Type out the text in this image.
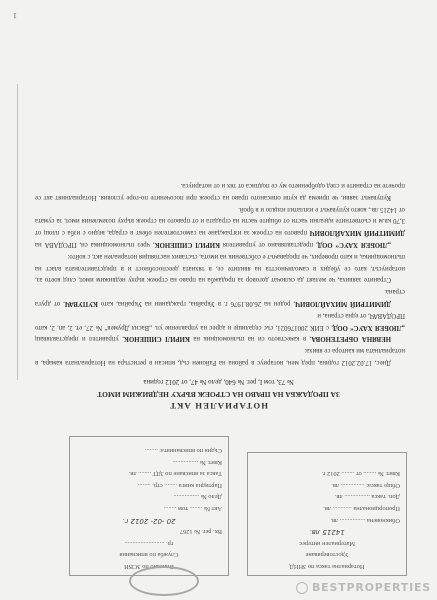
Нотариална такса по ЗННД
Удостоверяване
Материален интерес
14215 лв.
Обикновена ................ лв.
Пропорционална ............ лв.
Доп. такса ................ лв.
Общо такса: ............... лв.
Квит. № ........ от ........ 2012 г.
Вписано по ЗСВН
Служба по вписвания
гр. .........................
Вх. рег. № 1267
20 -02- 2012 г.
Акт № ........ том ........
Дело № ................
Партидна книга ........ стр. ........
Такса за вписване по ЗДТ ........ лв.
Квит. № ................
Съдия по вписванията: ........
НОТАРИАЛЕН АКТ
ЗА ПРОДАЖБА НА ПРАВО НА СТРОЕЖ ВЪРХУ НЕДВИЖИМ ИМОТ
№ 73, том I, рег. № 640, дело № 47, от 2012 година

Днес, 17.02.2012 година, пред мен, нотариус в района на Районен съд, вписан в регистъра на Нотариалната камара, в нотариалната ми кантора се явиха:

НЕВЯНА ОБРЕТЕНОВА, в качеството си на пълномощник на КИРИЛ СИШЕНОК, управител и представляващ „ЛЮБЕЯ ХАУС“ ООД, с ЕИК 200176021, със седалище и адрес на управление ул. „Васил Друмев“ № 27, ет. 2, ап. 2, като ПРОДАВАЧ, от една страна, и

ДИМИТРИЙ МИХАЙЛОВИЧ, роден на 26.08.1976 г. в Украйна, гражданин на Украйна, като КУПУВАЧ, от друга страна.

Страните заявиха, че желаят да сключат договор за продажба на право на строеж върху недвижим имот, след което аз, нотариусът, като се убедих в самоличността на явилите се, в тяхната дееспособност и в представителната власт на пълномощника, и като проверих, че продавачът е собственик на имота, съставих настоящия нотариален акт, с който:

„ЛЮБЕЯ ХАУС“ ООД, представлявано от управителя КИРИЛ СИШЕНОК, чрез пълномощника си, ПРОДАВА на ДИМИТРИЙ МИХАЙЛОВИЧ правото на строеж за изграждане на самостоятелен обект в сграда, ведно с изба с площ от 3,70 кв.м и съответните идеални части от общите части на сградата и от правото на строеж върху поземления имот, за сумата от 14215 лв., която купувачът е изплатил изцяло и в брой.

Купувачът заяви, че приема да купи описаното право на строеж при посочените по-горе условия. Нотариалният акт се прочете на страните и след одобрението му се подписа от тях и от нотариуса.

1
BESTPROPERTIES
